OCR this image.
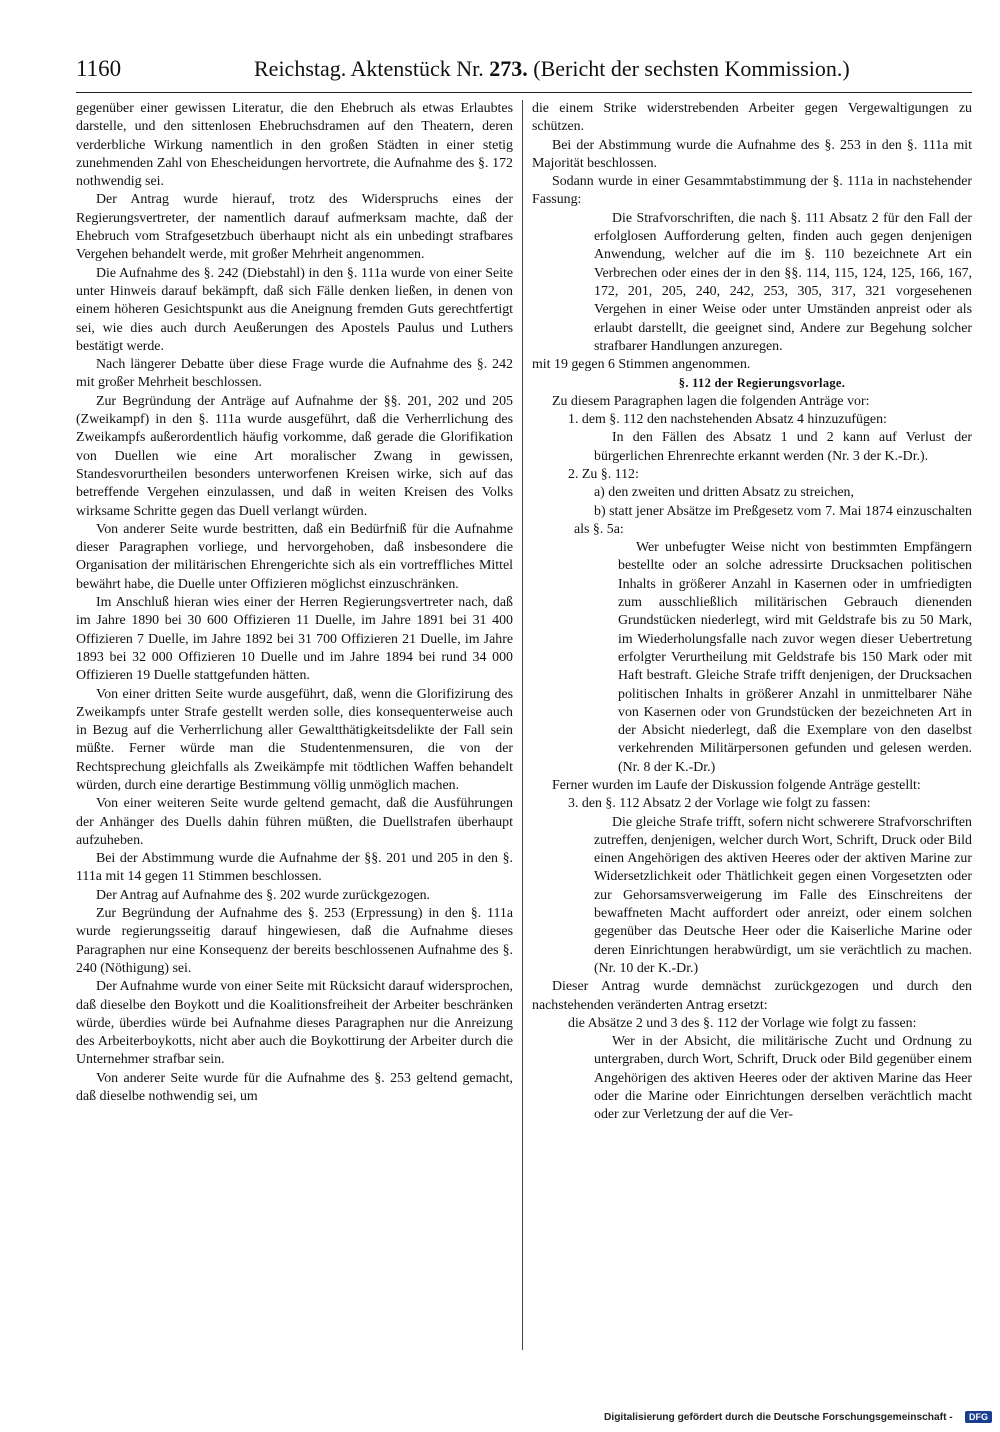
1160	Reichstag. Aktenstück Nr. 273. (Bericht der sechsten Kommission.)

gegenüber einer gewissen Literatur, die den Ehebruch als etwas Erlaubtes darstelle, und den sittenlosen Ehebruchsdramen auf den Theatern, deren verderbliche Wirkung namentlich in den großen Städten in einer stetig zunehmenden Zahl von Ehescheidungen hervortrete, die Aufnahme des §. 172 nothwendig sei.

Der Antrag wurde hierauf, trotz des Widerspruchs eines der Regierungsvertreter, der namentlich darauf aufmerksam machte, daß der Ehebruch vom Strafgesetzbuch überhaupt nicht als ein unbedingt strafbares Vergehen behandelt werde, mit großer Mehrheit angenommen.

Die Aufnahme des §. 242 (Diebstahl) in den §. 111a wurde von einer Seite unter Hinweis darauf bekämpft, daß sich Fälle denken ließen, in denen von einem höheren Gesichtspunkt aus die Aneignung fremden Guts gerechtfertigt sei, wie dies auch durch Aeußerungen des Apostels Paulus und Luthers bestätigt werde.

Nach längerer Debatte über diese Frage wurde die Aufnahme des §. 242 mit großer Mehrheit beschlossen.

Zur Begründung der Anträge auf Aufnahme der §§. 201, 202 und 205 (Zweikampf) in den §. 111a wurde ausgeführt, daß die Verherrlichung des Zweikampfs außerordentlich häufig vorkomme, daß gerade die Glorifikation von Duellen wie eine Art moralischer Zwang in gewissen, Standesvorurtheilen besonders unterworfenen Kreisen wirke, sich auf das betreffende Vergehen einzulassen, und daß in weiten Kreisen des Volks wirksame Schritte gegen das Duell verlangt würden.

Von anderer Seite wurde bestritten, daß ein Bedürfniß für die Aufnahme dieser Paragraphen vorliege, und hervorgehoben, daß insbesondere die Organisation der militärischen Ehrengerichte sich als ein vortreffliches Mittel bewährt habe, die Duelle unter Offizieren möglichst einzuschränken.

Im Anschluß hieran wies einer der Herren Regierungsvertreter nach, daß im Jahre 1890 bei 30 600 Offizieren 11 Duelle, im Jahre 1891 bei 31 400 Offizieren 7 Duelle, im Jahre 1892 bei 31 700 Offizieren 21 Duelle, im Jahre 1893 bei 32 000 Offizieren 10 Duelle und im Jahre 1894 bei rund 34 000 Offizieren 19 Duelle stattgefunden hätten.

Von einer dritten Seite wurde ausgeführt, daß, wenn die Glorifizirung des Zweikampfs unter Strafe gestellt werden solle, dies konsequenterweise auch in Bezug auf die Verherrlichung aller Gewaltthätigkeitsdelikte der Fall sein müßte. Ferner würde man die Studentenmensuren, die von der Rechtsprechung gleichfalls als Zweikämpfe mit tödtlichen Waffen behandelt würden, durch eine derartige Bestimmung völlig unmöglich machen.

Von einer weiteren Seite wurde geltend gemacht, daß die Ausführungen der Anhänger des Duells dahin führen müßten, die Duellstrafen überhaupt aufzuheben.

Bei der Abstimmung wurde die Aufnahme der §§. 201 und 205 in den §. 111a mit 14 gegen 11 Stimmen beschlossen.

Der Antrag auf Aufnahme des §. 202 wurde zurückgezogen.

Zur Begründung der Aufnahme des §. 253 (Erpressung) in den §. 111a wurde regierungsseitig darauf hingewiesen, daß die Aufnahme dieses Paragraphen nur eine Konsequenz der bereits beschlossenen Aufnahme des §. 240 (Nöthigung) sei.

Der Aufnahme wurde von einer Seite mit Rücksicht darauf widersprochen, daß dieselbe den Boykott und die Koalitionsfreiheit der Arbeiter beschränken würde, überdies würde bei Aufnahme dieses Paragraphen nur die Anreizung des Arbeiterboykotts, nicht aber auch die Boykottirung der Arbeiter durch die Unternehmer strafbar sein.

Von anderer Seite wurde für die Aufnahme des §. 253 geltend gemacht, daß dieselbe nothwendig sei, um

die einem Strike widerstrebenden Arbeiter gegen Vergewaltigungen zu schützen.

Bei der Abstimmung wurde die Aufnahme des §. 253 in den §. 111a mit Majorität beschlossen.

Sodann wurde in einer Gesammtabstimmung der §. 111a in nachstehender Fassung:

Die Strafvorschriften, die nach §. 111 Absatz 2 für den Fall der erfolglosen Aufforderung gelten, finden auch gegen denjenigen Anwendung, welcher auf die im §. 110 bezeichnete Art ein Verbrechen oder eines der in den §§. 114, 115, 124, 125, 166, 167, 172, 201, 205, 240, 242, 253, 305, 317, 321 vorgesehenen Vergehen in einer Weise oder unter Umständen anpreist oder als erlaubt darstellt, die geeignet sind, Andere zur Begehung solcher strafbarer Handlungen anzuregen.

mit 19 gegen 6 Stimmen angenommen.

§. 112 der Regierungsvorlage.

Zu diesem Paragraphen lagen die folgenden Anträge vor:

1. dem §. 112 den nachstehenden Absatz 4 hinzuzufügen:

In den Fällen des Absatz 1 und 2 kann auf Verlust der bürgerlichen Ehrenrechte erkannt werden (Nr. 3 der K.-Dr.).

2. Zu §. 112:

a) den zweiten und dritten Absatz zu streichen,

b) statt jener Absätze im Preßgesetz vom 7. Mai 1874 einzuschalten als §. 5a:

Wer unbefugter Weise nicht von bestimmten Empfängern bestellte oder an solche adressirte Drucksachen politischen Inhalts in größerer Anzahl in Kasernen oder in umfriedigten zum ausschließlich militärischen Gebrauch dienenden Grundstücken niederlegt, wird mit Geldstrafe bis zu 50 Mark, im Wiederholungsfalle nach zuvor wegen dieser Uebertretung erfolgter Verurtheilung mit Geldstrafe bis 150 Mark oder mit Haft bestraft. Gleiche Strafe trifft denjenigen, der Drucksachen politischen Inhalts in größerer Anzahl in unmittelbarer Nähe von Kasernen oder von Grundstücken der bezeichneten Art in der Absicht niederlegt, daß die Exemplare von den daselbst verkehrenden Militärpersonen gefunden und gelesen werden. (Nr. 8 der K.-Dr.)

Ferner wurden im Laufe der Diskussion folgende Anträge gestellt:

3. den §. 112 Absatz 2 der Vorlage wie folgt zu fassen:

Die gleiche Strafe trifft, sofern nicht schwerere Strafvorschriften zutreffen, denjenigen, welcher durch Wort, Schrift, Druck oder Bild einen Angehörigen des aktiven Heeres oder der aktiven Marine zur Widersetzlichkeit oder Thätlichkeit gegen einen Vorgesetzten oder zur Gehorsamsverweigerung im Falle des Einschreitens der bewaffneten Macht auffordert oder anreizt, oder einem solchen gegenüber das Deutsche Heer oder die Kaiserliche Marine oder deren Einrichtungen herabwürdigt, um sie verächtlich zu machen. (Nr. 10 der K.-Dr.)

Dieser Antrag wurde demnächst zurückgezogen und durch den nachstehenden veränderten Antrag ersetzt:

die Absätze 2 und 3 des §. 112 der Vorlage wie folgt zu fassen:

Wer in der Absicht, die militärische Zucht und Ordnung zu untergraben, durch Wort, Schrift, Druck oder Bild gegenüber einem Angehörigen des aktiven Heeres oder der aktiven Marine das Heer oder die Marine oder Einrichtungen derselben verächtlich macht oder zur Verletzung der auf die Ver-

Digitalisierung gefördert durch die Deutsche Forschungsgemeinschaft -	DFG
